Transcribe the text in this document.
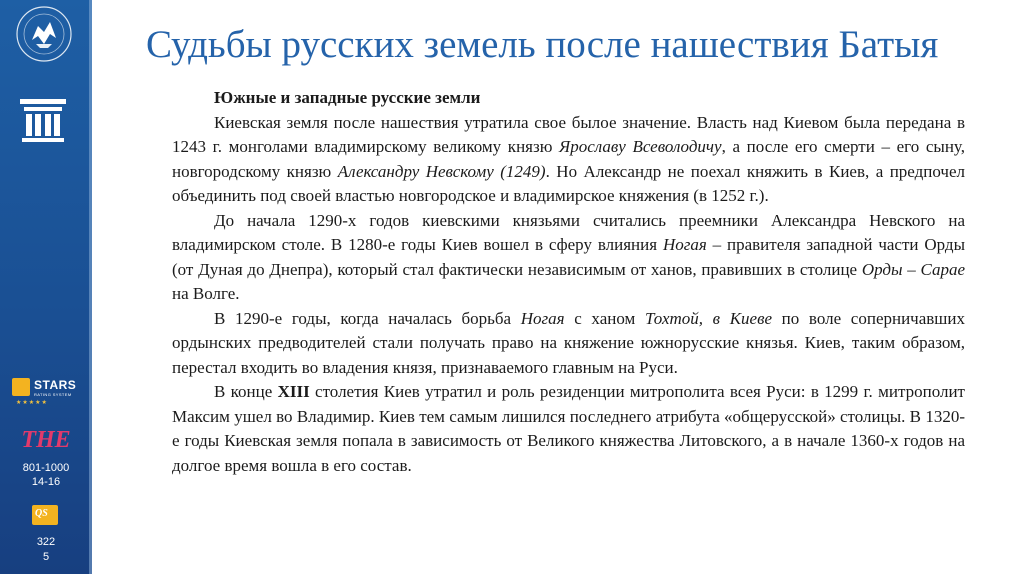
STARS
RATING SYSTEM
★★★★★
THE
801-1000
14-16
QS
322
5
Судьбы русских земель после нашествия Батыя

Южные и западные русские земли

Киевская земля после нашествия утратила свое былое значение. Власть над Киевом была передана в 1243 г. монголами владимирскому великому князю Ярославу Всеволодичу, а после его смерти – его сыну, новгородскому князю Александру Невскому (1249). Но Александр не поехал княжить в Киев, а предпочел объединить под своей властью новгородское и владимирское княжения (в 1252 г.).

До начала 1290-х годов киевскими князьями считались преемники Александра Невского на владимирском столе. В 1280-е годы Киев вошел в сферу влияния Ногая – правителя западной части Орды (от Дуная до Днепра), который стал фактически независимым от ханов, правивших в столице Орды – Сарае на Волге.

В 1290-е годы, когда началась борьба Ногая с ханом Тохтой, в Киеве по воле соперничавших ордынских предводителей стали получать право на княжение южнорусские князья. Киев, таким образом, перестал входить во владения князя, признаваемого главным на Руси.

В конце XIII столетия Киев утратил и роль резиденции митрополита всея Руси: в 1299 г. митрополит Максим ушел во Владимир. Киев тем самым лишился последнего атрибута «общерусской» столицы. В 1320-е годы Киевская земля попала в зависимость от Великого княжества Литовского, а в начале 1360-х годов на долгое время вошла в его состав.
